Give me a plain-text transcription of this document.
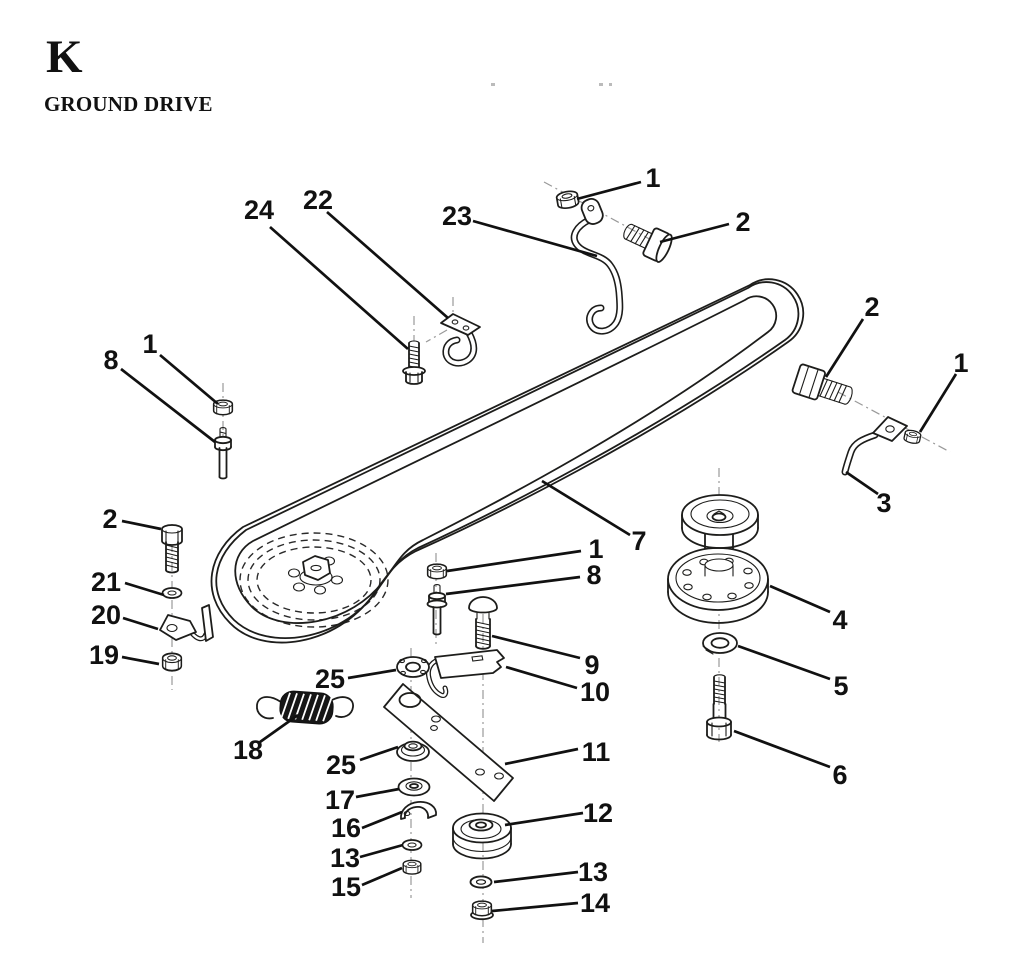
K
GROUND DRIVE
1
2
23
24 22
1
8
2
1
3
7
4
5
6
2
21
20
19
18
1
8
9
10
25
11
25
17
16
13
15
12
13
14
